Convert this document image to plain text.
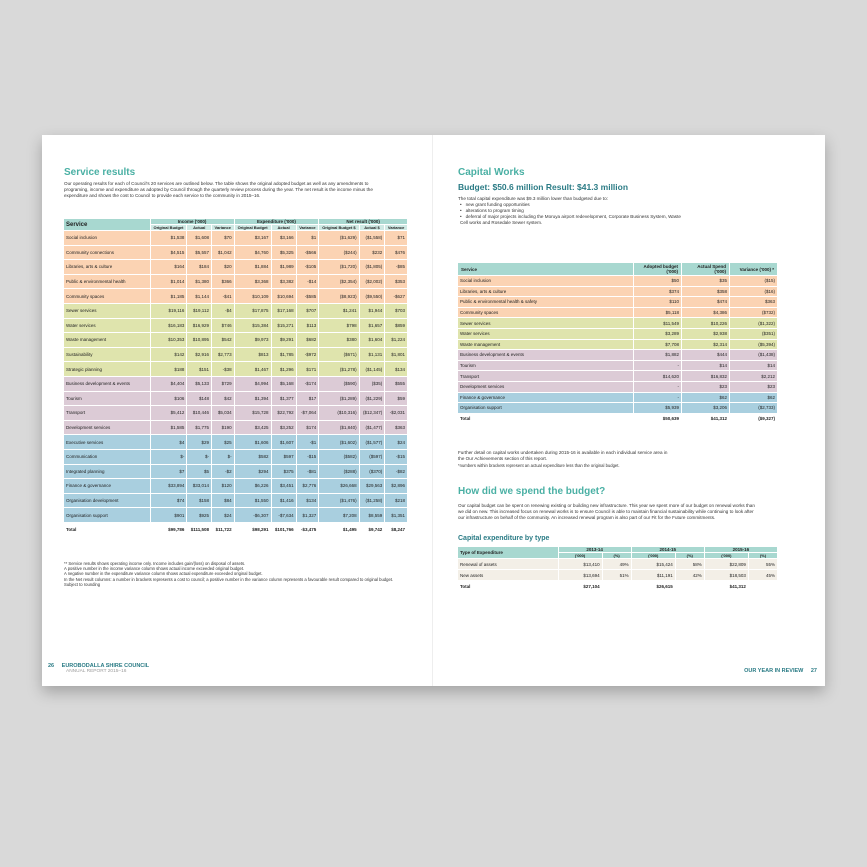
Service results
Our operating results for each of Council's 20 services are outlined below. The table shows the original adopted budget as well as any amendments to programing, income and expenditure as adopted by Council through the quarterly review process during the year. The net result is the income minus the expenditure and shows the cost to Council to provide each service to the community in 2015–16.
Service	Income ('000)			Expenditure ('000)			Net result ('000)		
	Original Budget	Actual	Variance	Original Budget	Actual	Variance	Original Budget $	Actual $	Variance
Social inclusion	$1,538	$1,608	$70	$3,167	$3,166	$1	($1,629)	($1,558)	$71
Community connections	$4,515	$5,557	$1,042	$4,760	$5,325	-$566	($244)	$232	$476
Libraries, arts & culture	$164	$184	$20	$1,884	$1,989	-$105	($1,720)	($1,805)	-$85
Public & environmental health	$1,014	$1,380	$366	$3,368	$3,382	-$14	($2,354)	($2,002)	$353
Community spaces	$1,185	$1,144	-$41	$10,109	$10,694	-$585	($8,923)	($9,550)	-$627
Sewer services	$19,116	$19,112	-$4	$17,875	$17,168	$707	$1,241	$1,944	$703
Water services	$16,183	$16,929	$746	$15,384	$15,271	$113	$798	$1,657	$859
Waste management	$10,353	$10,895	$542	$9,973	$9,291	$682	$380	$1,604	$1,224
Sustainability	$142	$2,916	$2,773	$813	$1,785	-$972	($671)	$1,131	$1,801
Strategic planning	$188	$151	-$38	$1,467	$1,296	$171	($1,278)	($1,145)	$134
Business development & events	$4,404	$5,133	$729	$4,994	$5,168	-$174	($590)	($35)	$555
Tourism	$106	$148	$42	$1,394	$1,377	$17	($1,289)	($1,229)	$59
Transport	$5,412	$10,446	$5,034	$15,728	$22,792	-$7,064	($10,316)	($12,347)	-$2,031
Development services	$1,585	$1,775	$190	$3,425	$3,252	$174	($1,840)	($1,477)	$363
Executive services	$4	$29	$25	$1,606	$1,607	-$1	($1,602)	($1,577)	$24
Communication	$-	$-	$-	$582	$597	-$15	($582)	($597)	-$15
Integrated planning	$7	$5	-$2	$294	$375	-$81	($288)	($370)	-$82
Finance & governance	$33,894	$33,014	$120	$6,226	$3,451	$2,776	$26,668	$29,563	$2,896
Organisation development	$74	$158	$84	$1,550	$1,416	$134	($1,476)	($1,258)	$218
Organisation support	$901	$925	$24	-$6,307	-$7,634	$1,327	$7,208	$8,559	$1,351
Total	$99,786	$111,508	$11,722	$98,291	$101,766	-$3,475	$1,495	$9,742	$8,247
** Service results shows operating income only. Income includes gain/(loss) on disposal of assets.
A positive number in the income variance column shows actual income exceeded original budget.
A negative number in the expenditure variance column shows actual expenditure exceeded original budget.
In the Net result columns: a number in brackets represents a cost to council; a positive number in the variance column represents a favourable result compared to original budget.
Subject to rounding
26 EUROBODALLA SHIRE COUNCIL
ANNUAL REPORT 2015–16
Capital Works
Budget: $50.6 million Result: $41.3 million
The total capital expenditure was $9.3 million lower than budgeted due to:
• new grant funding opportunities
• alterations to program timing
• deferral of major projects including the Moruya airport redevelopment, Corporate Business System, Waste Cell works and Rosedale Sewer system.
Service	Adopted budget ('000)	Actual Spend ('000)	Variance ('000) *
Social inclusion	$50	$35	($15)
Libraries, arts & culture	$374	$358	($16)
Public & environmental health & safety	$110	$474	$363
Community spaces	$5,118	$4,386	($732)
Sewer services	$11,549	$10,226	($1,322)
Water services	$3,289	$2,938	($351)
Waste management	$7,708	$2,314	($5,394)
Business development & events	$1,882	$444	($1,438)
Tourism	-	$14	$14
Transport	$14,620	$16,832	$2,212
Development services	-	$23	$23
Finance & governance	-	$62	$62
Organisation support	$5,939	$3,206	($2,733)
Total	$50,639	$41,312	($9,327)
Further detail on capital works undertaken during 2015-16 is available in each individual service area in the Our Achievements section of this report.
*numbers within brackets represent an actual expenditure less than the original budget.
How did we spend the budget?
Our capital budget can be spent on renewing existing or building new infrastructure. This year we spent more of our budget on renewal works than we did on new. This increased focus on renewal works is to ensure Council is able to maintain financial sustainability while continuing to look after our infrastructure on behalf of the community. An increased renewal program is also part of our Fit for the Future commitments.
Capital expenditure by type
Type of Expenditure	2013-14		2014-15		2015-16	
	('000)	(%)	('000)	(%)	('000)	(%)
Renewal of assets	$13,410	49%	$15,424	58%	$22,809	55%
New assets	$13,694	51%	$11,191	42%	$18,503	45%
Total	$27,104		$26,615		$41,312	
OUR YEAR IN REVIEW 27
